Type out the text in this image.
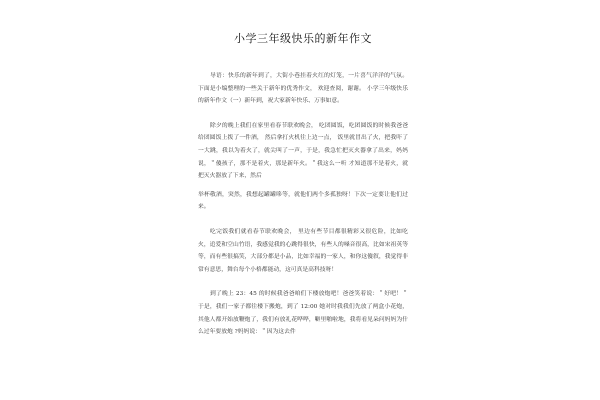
小学三年级快乐的新年作文

导语：快乐的新年到了，大街小巷挂着火红的灯笼，一片喜气洋洋的气氛。 下面是小编整理的一些关于新年的优秀作文， 欢迎查阅，谢谢。 小学三年级快乐的新年作文（一）新年到，祝大家新年快乐、万事如意。

除夕的晚上我们在家里看春节联欢晚会， 吃团圆饭，吃团圆饭的时候我爸爸给团圆饭上拨了一件酒， 然后拿打火机往上边一点， 饭里就冒出了火，把我吓了一大跳，我以为着火了，就尖叫了一声，于是，我急忙把灭火器拿了出来，妈妈说，＂傻孩子，那不是着火，那是新年火。＂我这么一听 才知道那不是着火，就把灭火器放了下来，然后

举杯敬酒，突然，我想起罐罐哆等，就他们两个多孤独呀！下次一定要让他们过来。

吃完饭我们就看春节联欢晚会， 里边有些节目都很精彩又很危险，比如吃火，追爱和空山竹语，我感觉我的心跳得很快，有些人的嗓音很高，比如宋祖英等等，而有些很搞笑，大部分都是小品，比如幸福的一家人，和你这傻叙，我觉得非常有意思，舞台每个小格都能动，这可真是高科技呀！

到了晚上 23：45 的时候我爸爸咱们下楼放炮吧！爸爸笑着说：＂好吧！＂于是，我们一家子都往楼下搬炮，到了 12:00 她对时我我们先放了两盒小花炮，其他人都开始放鞭炮了，我们有放礼花哗哗，噼里啪啦地，我将看见朵问妈妈为什么过年要放炮 ?妈妈说：＂因为这去件
